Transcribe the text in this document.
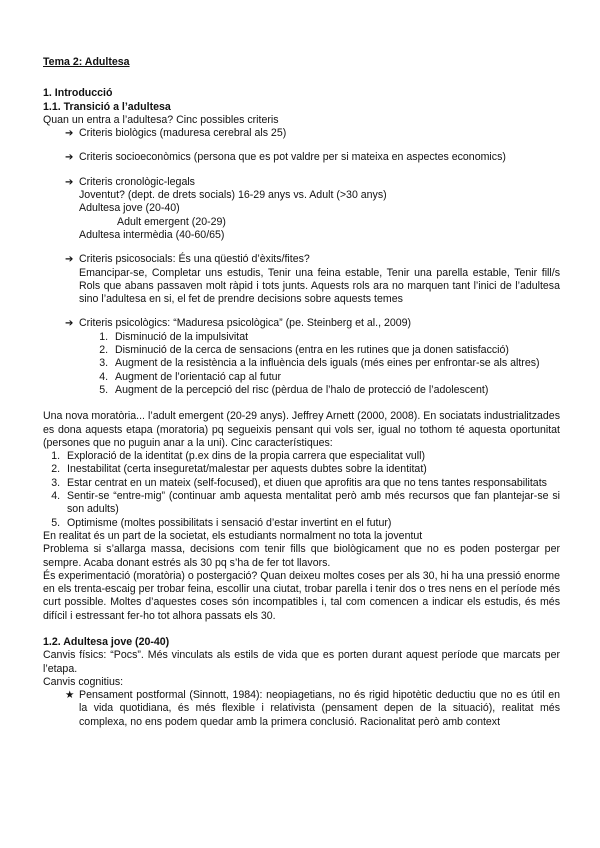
Tema 2: Adultesa
1. Introducció
1.1. Transició a l’adultesa

Quan un entra a l’adultesa? Cinc possibles criteris

➔ Criteris biològics (maduresa cerebral als 25)
➔ Criteris socioeconòmics (persona que es pot valdre per si mateixa en aspectes economics)
➔ Criteris cronològic-legals
Joventut? (dept. de drets socials) 16-29 anys vs. Adult (>30 anys)
Adultesa jove (20-40)
Adult emergent (20-29)
Adultesa intermèdia (40-60/65)
➔ Criteris psicosocials: És una qüestió d’èxits/fites?
Emancipar-se, Completar uns estudis, Tenir una feina estable, Tenir una parella estable, Tenir fill/s Rols que abans passaven molt ràpid i tots junts. Aquests rols ara no marquen tant l’inici de l’adultesa sino l’adultesa en si, el fet de prendre decisions sobre aquests temes
➔ Criteris psicològics: “Maduresa psicològica” (pe. Steinberg et al., 2009)
1. Disminució de la impulsivitat
2. Disminució de la cerca de sensacions (entra en les rutines que ja donen satisfacció)
3. Augment de la resistència a la influència dels iguals (més eines per enfrontar-se als altres)
4. Augment de l’orientació cap al futur
5. Augment de la percepció del risc (pèrdua de l’halo de protecció de l’adolescent)

Una nova moratòria... l’adult emergent (20-29 anys). Jeffrey Arnett (2000, 2008). En sociatats industrialitzades es dona aquests etapa (moratoria) pq segueixis pensant qui vols ser, igual no tothom té aquesta oportunitat (persones que no puguin anar a la uni). Cinc característiques:

1. Exploració de la identitat (p.ex dins de la propia carrera que especialitat vull)
2. Inestabilitat (certa inseguretat/malestar per aquests dubtes sobre la identitat)
3. Estar centrat en un mateix (self-focused), et diuen que aprofitis ara que no tens tantes responsabilitats
4. Sentir-se “entre-mig” (continuar amb aquesta mentalitat però amb més recursos que fan plantejar-se si son adults)
5. Optimisme (moltes possibilitats i sensació d’estar invertint en el futur)

En realitat és un part de la societat, els estudiants normalment no tota la joventut

Problema si s’allarga massa, decisions com tenir fills que biològicament que no es poden postergar per sempre. Acaba donant estrés als 30 pq s’ha de fer tot llavors.

És experimentació (moratòria) o postergació? Quan deixeu moltes coses per als 30, hi ha una pressió enorme en els trenta-escaig per trobar feina, escollir una ciutat, trobar parella i tenir dos o tres nens en el període més curt possible. Moltes d’aquestes coses són incompatibles i, tal com comencen a indicar els estudis, és més difícil i estressant fer-ho tot alhora passats els 30.

1.2. Adultesa jove (20-40)

Canvis físics: “Pocs”. Més vinculats als estils de vida que es porten durant aquest període que marcats per l’etapa.

Canvis cognitius:

★ Pensament postformal (Sinnott, 1984): neopiagetians, no és rigid hipotètic deductiu que no es útil en la vida quotidiana, és més flexible i relativista (pensament depen de la situació), realitat més complexa, no ens podem quedar amb la primera conclusió. Racionalitat però amb context
